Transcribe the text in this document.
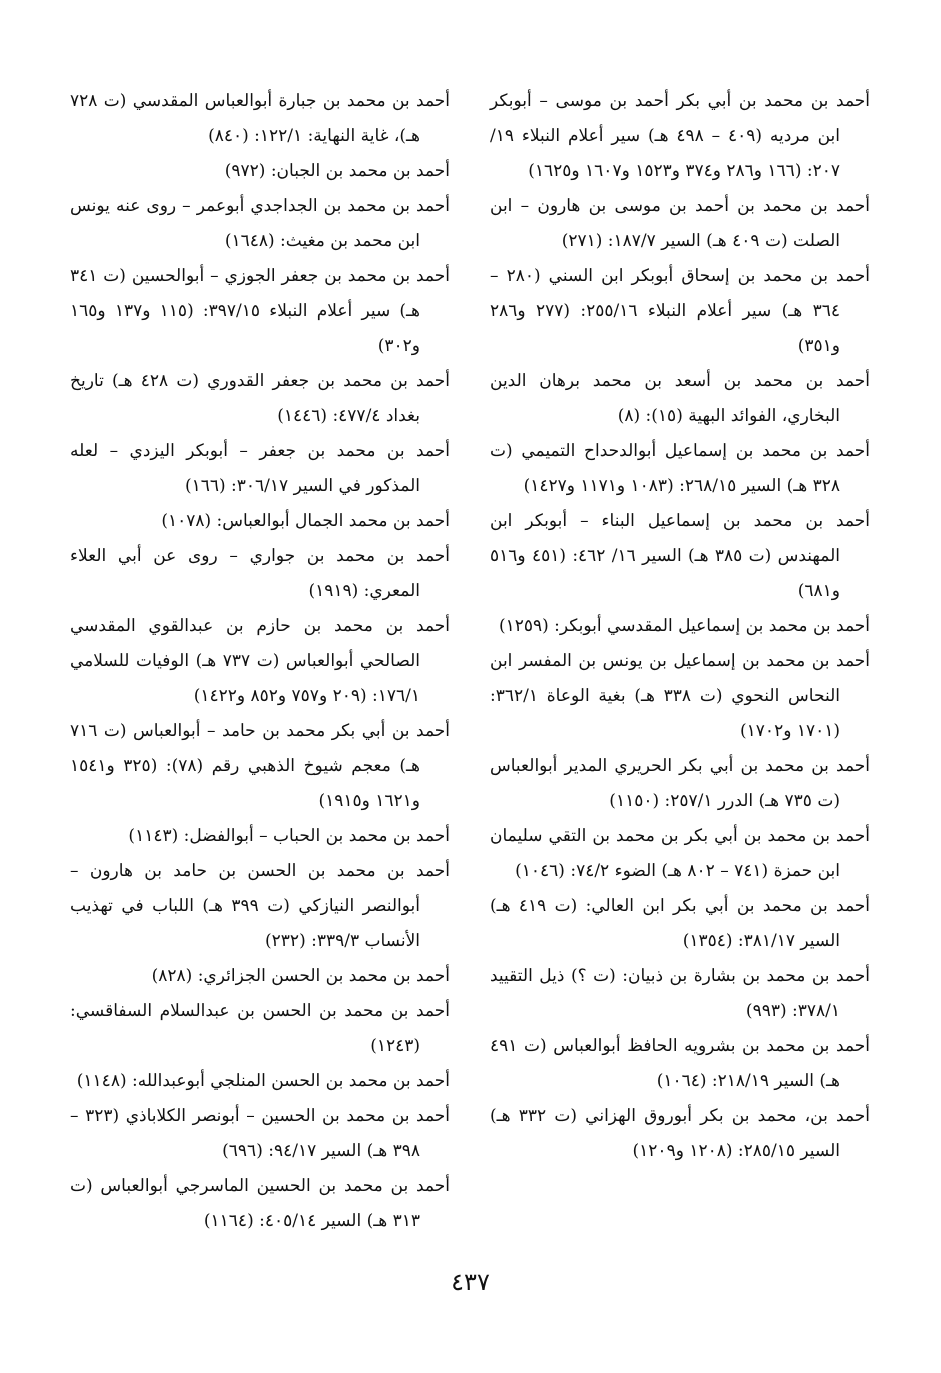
أحمد بن محمد بن أبي بكر أحمد بن موسى – أبوبكر ابن مرديه (٤٠٩ – ٤٩٨ هـ) سير أعلام النبلاء ١٩/ ٢٠٧: (١٦٦ و٢٨٦ و٣٧٤ و١٥٢٣ و١٦٠٧ و١٦٢٥)

أحمد بن محمد بن أحمد بن موسى بن هارون – ابن الصلت (ت ٤٠٩ هـ) السير ١٨٧/٧: (٢٧١)

أحمد بن محمد بن إسحاق أبوبكر ابن السني (٢٨٠ – ٣٦٤ هـ) سير أعلام النبلاء ٢٥٥/١٦: (٢٧٧ و٢٨٦ و٣٥١)

أحمد بن محمد بن أسعد بن محمد برهان الدين البخاري، الفوائد البهية (١٥): (٨)

أحمد بن محمد بن إسماعيل أبوالدحداح التميمي (ت ٣٢٨ هـ) السير ٢٦٨/١٥: (١٠٨٣ و١١٧١ و١٤٢٧)

أحمد بن محمد بن إسماعيل البناء – أبوبكر ابن المهندس (ت ٣٨٥ هـ) السير ١٦/ ٤٦٢: (٤٥١ و٥١٦ و٦٨١)

أحمد بن محمد بن إسماعيل المقدسي أبوبكر: (١٢٥٩)

أحمد بن محمد بن إسماعيل بن يونس بن المفسر ابن النحاس النحوي (ت ٣٣٨ هـ) بغية الوعاة ٣٦٢/١: (١٧٠١ و١٧٠٢)

أحمد بن محمد بن أبي بكر الحريري المدير أبوالعباس (ت ٧٣٥ هـ) الدرر ٢٥٧/١: (١١٥٠)

أحمد بن محمد بن أبي بكر بن محمد بن التقي سليمان ابن حمزة (٧٤١ – ٨٠٢ هـ) الضوء ٧٤/٢: (١٠٤٦)

أحمد بن محمد بن أبي بكر ابن العالي: (ت ٤١٩ هـ) السير ٣٨١/١٧: (١٣٥٤)

أحمد بن محمد بن بشارة بن ذبيان: (ت ؟) ذيل التقييد ٣٧٨/١: (٩٩٣)

أحمد بن محمد بن بشرويه الحافظ أبوالعباس (ت ٤٩١ هـ) السير ٢١٨/١٩: (١٠٦٤)

أحمد بن، محمد بن بكر أبوروق الهزاني (ت ٣٣٢ هـ) السير ٢٨٥/١٥: (١٢٠٨ و١٢٠٩)

أحمد بن محمد بن جبارة أبوالعباس المقدسي (ت ٧٢٨ هـ)، غاية النهاية: ١٢٢/١: (٨٤٠)

أحمد بن محمد بن الجبان: (٩٧٢)

أحمد بن محمد بن الجداجدي أبوعمر – روى عنه يونس ابن محمد بن مغيث: (١٦٤٨)

أحمد بن محمد بن جعفر الجوزي – أبوالحسين (ت ٣٤١ هـ) سير أعلام النبلاء ٣٩٧/١٥: (١١٥ و١٣٧ و١٦٥ و٣٠٢)

أحمد بن محمد بن جعفر القدوري (ت ٤٢٨ هـ) تاريخ بغداد ٤٧٧/٤: (١٤٤٦)

أحمد بن محمد بن جعفر – أبوبكر اليزدي – لعله المذكور في السير ٣٠٦/١٧: (١٦٦)

أحمد بن محمد الجمال أبوالعباس: (١٠٧٨)

أحمد بن محمد بن جواري – روى عن أبي العلاء المعري: (١٩١٩)

أحمد بن محمد بن حازم بن عبدالقوي المقدسي الصالحي أبوالعباس (ت ٧٣٧ هـ) الوفيات للسلامي ١٧٦/١: (٢٠٩ و٧٥٧ و٨٥٢ و١٤٢٢)

أحمد بن أبي بكر محمد بن حامد – أبوالعباس (ت ٧١٦ هـ) معجم شيوخ الذهبي رقم (٧٨): (٣٢٥ و١٥٤١ و١٦٢١ و١٩١٥)

أحمد بن محمد بن الحباب – أبوالفضل: (١١٤٣)

أحمد بن محمد بن الحسن بن حامد بن هارون – أبوالنصر النيازكي (ت ٣٩٩ هـ) اللباب في تهذيب الأنساب ٣٣٩/٣: (٢٣٢)

أحمد بن محمد بن الحسن الجزائري: (٨٢٨)

أحمد بن محمد بن الحسن بن عبدالسلام السفاقسي: (١٢٤٣)

أحمد بن محمد بن الحسن المنلجي أبوعبدالله: (١١٤٨)

أحمد بن محمد بن الحسين – أبونصر الكلاباذي (٣٢٣ – ٣٩٨ هـ) السير ٩٤/١٧: (٦٩٦)

أحمد بن محمد بن الحسين الماسرجي أبوالعباس (ت ٣١٣ هـ) السير ٤٠٥/١٤: (١١٦٤)

٤٣٧
